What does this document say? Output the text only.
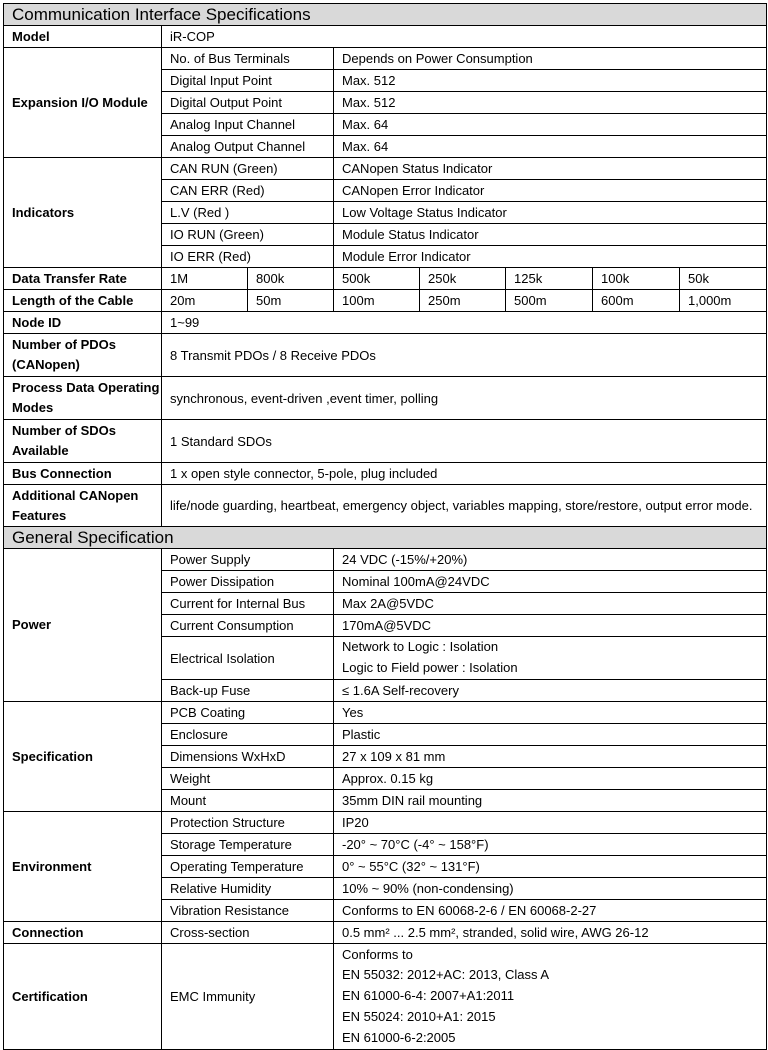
Communication Interface Specifications							
Model	iR-COP						
Expansion I/O Module	No. of Bus Terminals		Depends on Power Consumption				
	Digital Input Point		Max. 512				
	Digital Output Point		Max. 512				
	Analog Input Channel		Max. 64				
	Analog Output Channel		Max. 64				
Indicators	CAN RUN (Green)		CANopen Status Indicator				
	CAN ERR (Red)		CANopen Error Indicator				
	L.V (Red )		Low Voltage Status Indicator				
	IO RUN (Green)		Module Status Indicator				
	IO ERR (Red)		Module Error Indicator				
Data Transfer Rate	1M	800k	500k	250k	125k	100k	50k
Length of the Cable	20m	50m	100m	250m	500m	600m	1,000m
Node ID	1~99						
Number of PDOs (CANopen)	8 Transmit PDOs / 8 Receive PDOs						
Process Data Operating Modes	synchronous, event-driven ,event timer, polling						
Number of SDOs Available	1 Standard SDOs						
Bus Connection	1 x open style connector, 5-pole, plug included						
Additional CANopen Features	life/node guarding, heartbeat, emergency object, variables mapping, store/restore, output error mode.						
General Specification							
Power	Power Supply		24 VDC (-15%/+20%)				
	Power Dissipation		Nominal 100mA@24VDC				
	Current for Internal Bus		Max 2A@5VDC				
	Current Consumption		170mA@5VDC				
	Electrical Isolation		Network to Logic : Isolation
Logic to Field power : Isolation				

	Back-up Fuse		≤ 1.6A Self-recovery				
Specification	PCB Coating		Yes				
	Enclosure		Plastic				
	Dimensions WxHxD		27 x 109 x 81 mm				
	Weight		Approx. 0.15 kg				
	Mount		35mm DIN rail mounting				
Environment	Protection Structure		IP20				
	Storage Temperature		-20° ~ 70°C (-4° ~ 158°F)				
	Operating Temperature		0° ~ 55°C (32° ~ 131°F)				
	Relative Humidity		10% ~ 90% (non-condensing)				
	Vibration Resistance		Conforms to EN 60068-2-6 / EN 60068-2-27				
Connection	Cross-section		0.5 mm² ... 2.5 mm², stranded, solid wire, AWG 26-12				
Certification	EMC Immunity		Conforms to
EN 55032: 2012+AC: 2013, Class A
EN 61000-6-4: 2007+A1:2011
EN 55024: 2010+A1: 2015
EN 61000-6-2:2005				
